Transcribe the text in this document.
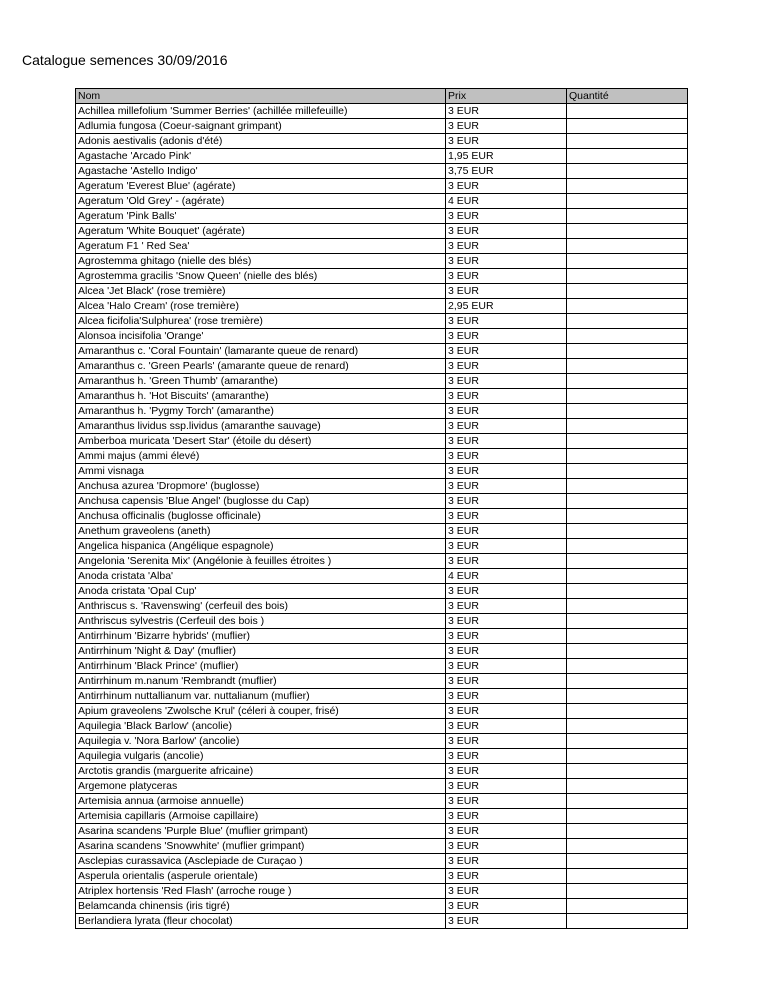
Catalogue semences 30/09/2016
Nom	Prix	Quantité
Achillea millefolium 'Summer Berries' (achillée millefeuille)	3 EUR	
Adlumia fungosa (Coeur-saignant grimpant)	3 EUR	
Adonis aestivalis (adonis d'été)	3 EUR	
Agastache 'Arcado Pink'	1,95 EUR	
Agastache 'Astello Indigo'	3,75 EUR	
Ageratum 'Everest Blue' (agérate)	3 EUR	
Ageratum 'Old Grey' - (agérate)	4 EUR	
Ageratum 'Pink Balls'	3 EUR	
Ageratum 'White Bouquet' (agérate)	3 EUR	
Ageratum F1 ' Red Sea'	3 EUR	
Agrostemma ghitago (nielle des blés)	3 EUR	
Agrostemma gracilis 'Snow Queen' (nielle des blés)	3 EUR	
Alcea 'Jet Black' (rose tremière)	3 EUR	
Alcea 'Halo Cream' (rose tremière)	2,95 EUR	
Alcea ficifolia'Sulphurea' (rose tremière)	3 EUR	
Alonsoa incisifolia 'Orange'	3 EUR	
Amaranthus c. 'Coral Fountain' (lamarante queue de renard)	3 EUR	
Amaranthus c. 'Green Pearls' (amarante queue de renard)	3 EUR	
Amaranthus h. 'Green Thumb' (amaranthe)	3 EUR	
Amaranthus h. 'Hot Biscuits' (amaranthe)	3 EUR	
Amaranthus h. 'Pygmy Torch' (amaranthe)	3 EUR	
Amaranthus lividus ssp.lividus (amaranthe sauvage)	3 EUR	
Amberboa muricata 'Desert Star' (étoile du désert)	3 EUR	
Ammi majus (ammi élevé)	3 EUR	
Ammi visnaga	3 EUR	
Anchusa azurea 'Dropmore' (buglosse)	3 EUR	
Anchusa capensis 'Blue Angel' (buglosse du Cap)	3 EUR	
Anchusa officinalis (buglosse officinale)	3 EUR	
Anethum graveolens (aneth)	3 EUR	
Angelica hispanica (Angélique espagnole)	3 EUR	
Angelonia 'Serenita Mix' (Angélonie à feuilles étroites )	3 EUR	
Anoda cristata 'Alba'	4 EUR	
Anoda cristata 'Opal Cup'	3 EUR	
Anthriscus s. 'Ravenswing' (cerfeuil des bois)	3 EUR	
Anthriscus sylvestris (Cerfeuil des bois )	3 EUR	
Antirrhinum 'Bizarre hybrids' (muflier)	3 EUR	
Antirrhinum 'Night & Day' (muflier)	3 EUR	
Antirrhinum 'Black Prince' (muflier)	3 EUR	
Antirrhinum m.nanum 'Rembrandt (muflier)	3 EUR	
Antirrhinum nuttallianum var. nuttalianum (muflier)	3 EUR	
Apium graveolens 'Zwolsche Krul' (céleri à couper, frisé)	3 EUR	
Aquilegia 'Black Barlow' (ancolie)	3 EUR	
Aquilegia v. 'Nora Barlow' (ancolie)	3 EUR	
Aquilegia vulgaris (ancolie)	3 EUR	
Arctotis grandis (marguerite africaine)	3 EUR	
Argemone platyceras	3 EUR	
Artemisia annua (armoise annuelle)	3 EUR	
Artemisia capillaris (Armoise capillaire)	3 EUR	
Asarina scandens 'Purple Blue' (muflier grimpant)	3 EUR	
Asarina scandens 'Snowwhite' (muflier grimpant)	3 EUR	
Asclepias curassavica (Asclepiade de Curaçao )	3 EUR	
Asperula orientalis (asperule orientale)	3 EUR	
Atriplex hortensis 'Red Flash' (arroche rouge )	3 EUR	
Belamcanda chinensis (iris tigré)	3 EUR	
Berlandiera lyrata (fleur chocolat)	3 EUR	
